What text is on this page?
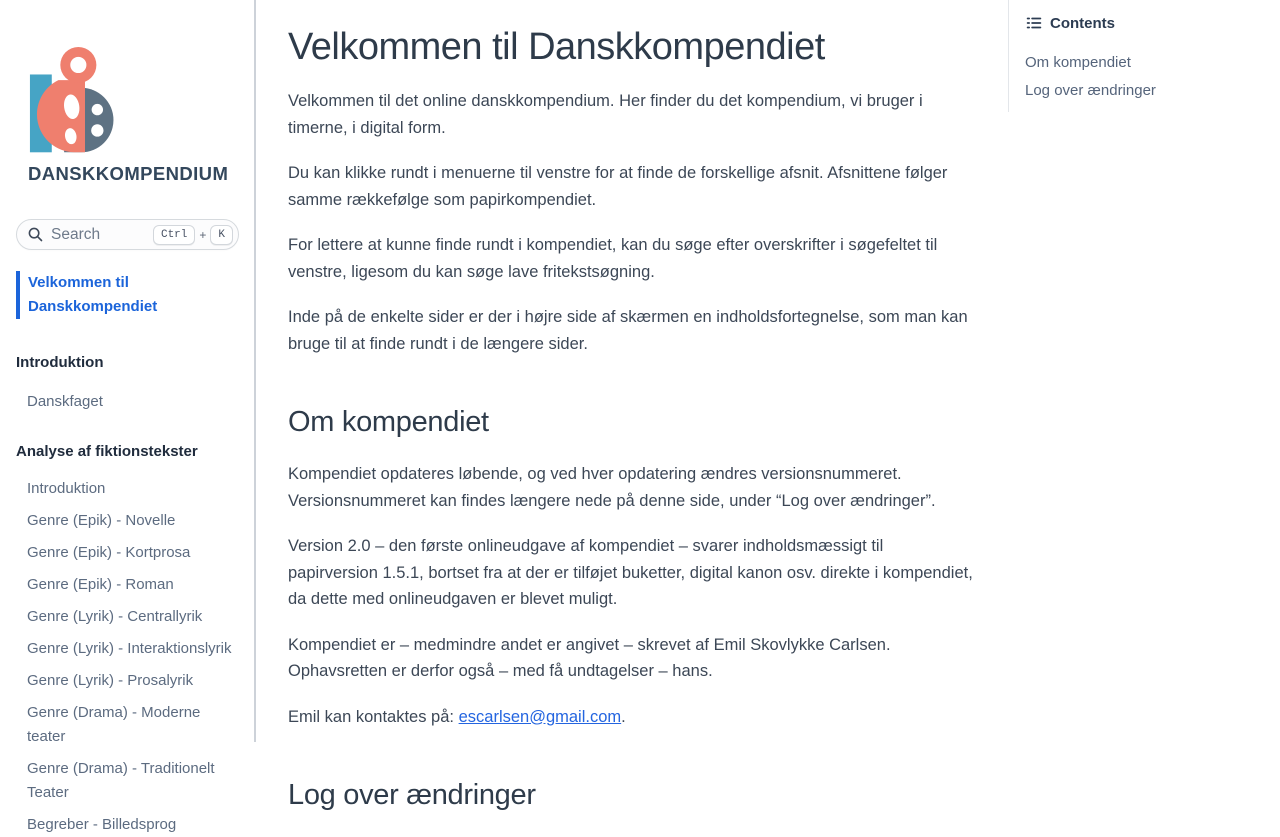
DANSKKOMPENDIUM
Search	Ctrl	+	K
Velkommen til Danskkompendiet
Introduktion
Danskfaget
Analyse af fiktionstekster
Introduktion
Genre (Epik) - Novelle
Genre (Epik) - Kortprosa
Genre (Epik) - Roman
Genre (Lyrik) - Centrallyrik
Genre (Lyrik) - Interaktionslyrik
Genre (Lyrik) - Prosalyrik
Genre (Drama) - Moderne teater
Genre (Drama) - Traditionelt Teater
Begreber - Billedsprog
Velkommen til Danskkompendiet

Velkommen til det online danskkompendium. Her finder du det kompendium, vi bruger i timerne, i digital form.

Du kan klikke rundt i menuerne til venstre for at finde de forskellige afsnit. Afsnittene følger samme rækkefølge som papirkompendiet.

For lettere at kunne finde rundt i kompendiet, kan du søge efter overskrifter i søgefeltet til venstre, ligesom du kan søge lave fritekstsøgning.

Inde på de enkelte sider er der i højre side af skærmen en indholdsfortegnelse, som man kan bruge til at finde rundt i de længere sider.

Om kompendiet

Kompendiet opdateres løbende, og ved hver opdatering ændres versionsnummeret. Versionsnummeret kan findes længere nede på denne side, under “Log over ændringer”.

Version 2.0 – den første onlineudgave af kompendiet – svarer indholdsmæssigt til papirversion 1.5.1, bortset fra at der er tilføjet buketter, digital kanon osv. direkte i kompendiet, da dette med onlineudgaven er blevet muligt.

Kompendiet er – medmindre andet er angivet – skrevet af Emil Skovlykke Carlsen. Ophavsretten er derfor også – med få undtagelser – hans.

Emil kan kontaktes på: escarlsen@gmail.com.

Log over ændringer
Contents
Om kompendiet
Log over ændringer
